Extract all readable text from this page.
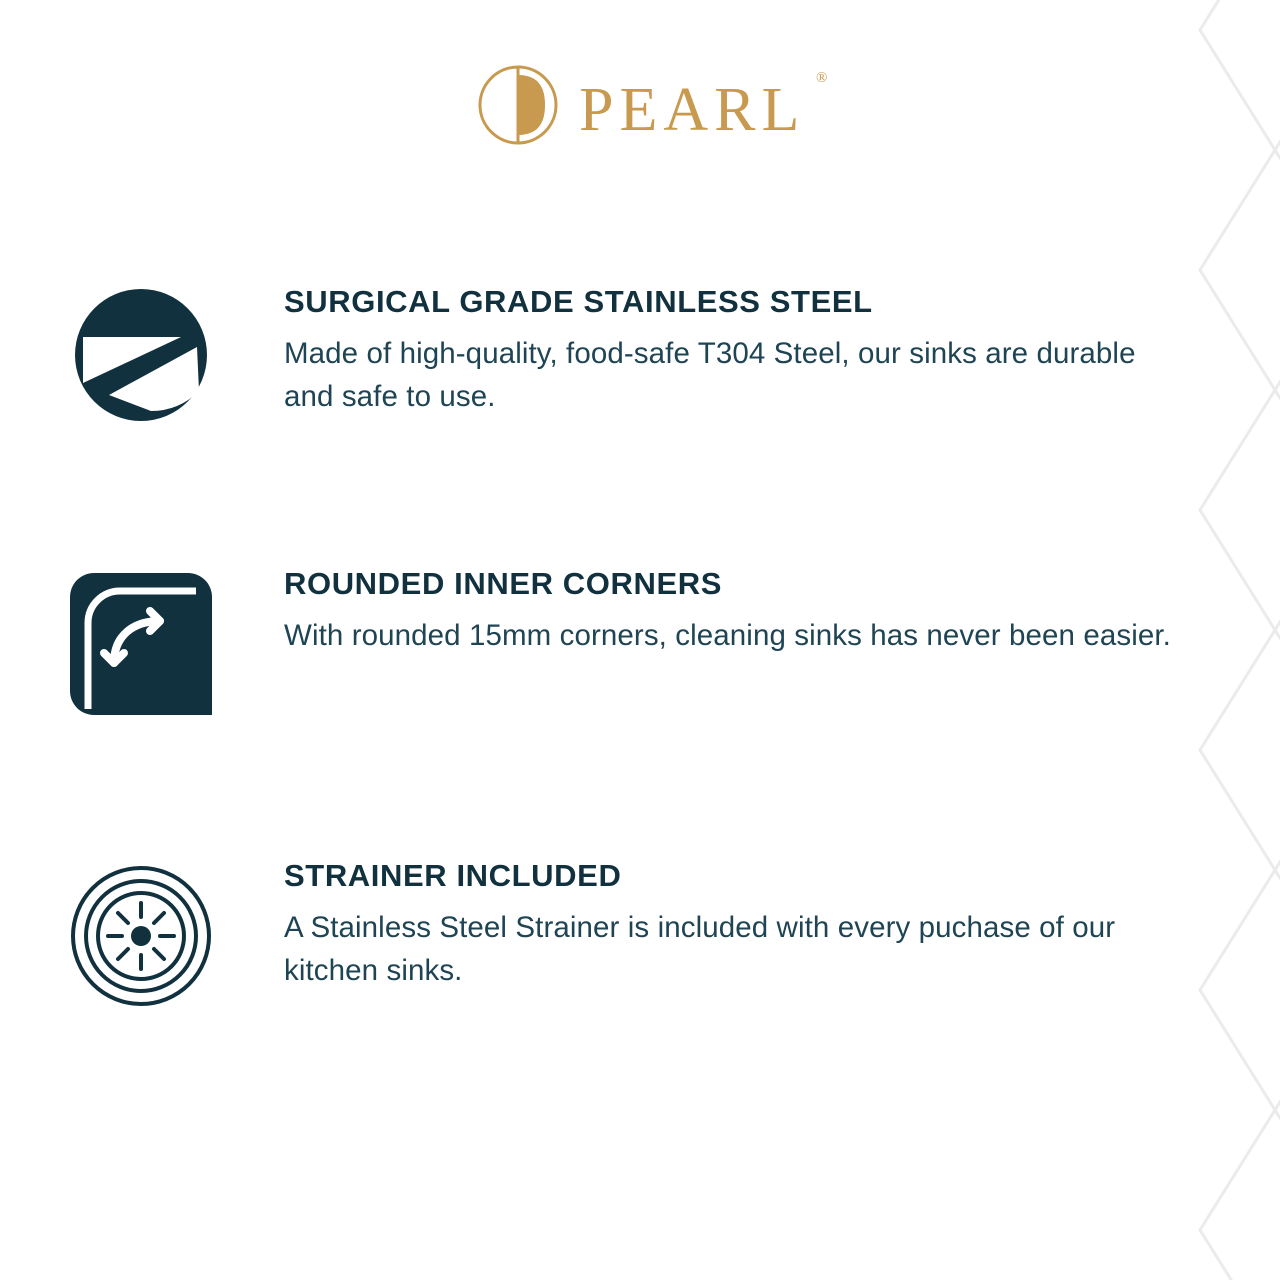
PEARL ®
SURGICAL GRADE STAINLESS STEEL

Made of high-quality, food-safe T304 Steel, our sinks are durable and safe to use.

ROUNDED INNER CORNERS

With rounded 15mm corners, cleaning sinks has never been easier.

STRAINER INCLUDED

A Stainless Steel Strainer is included with every puchase of our kitchen sinks.
